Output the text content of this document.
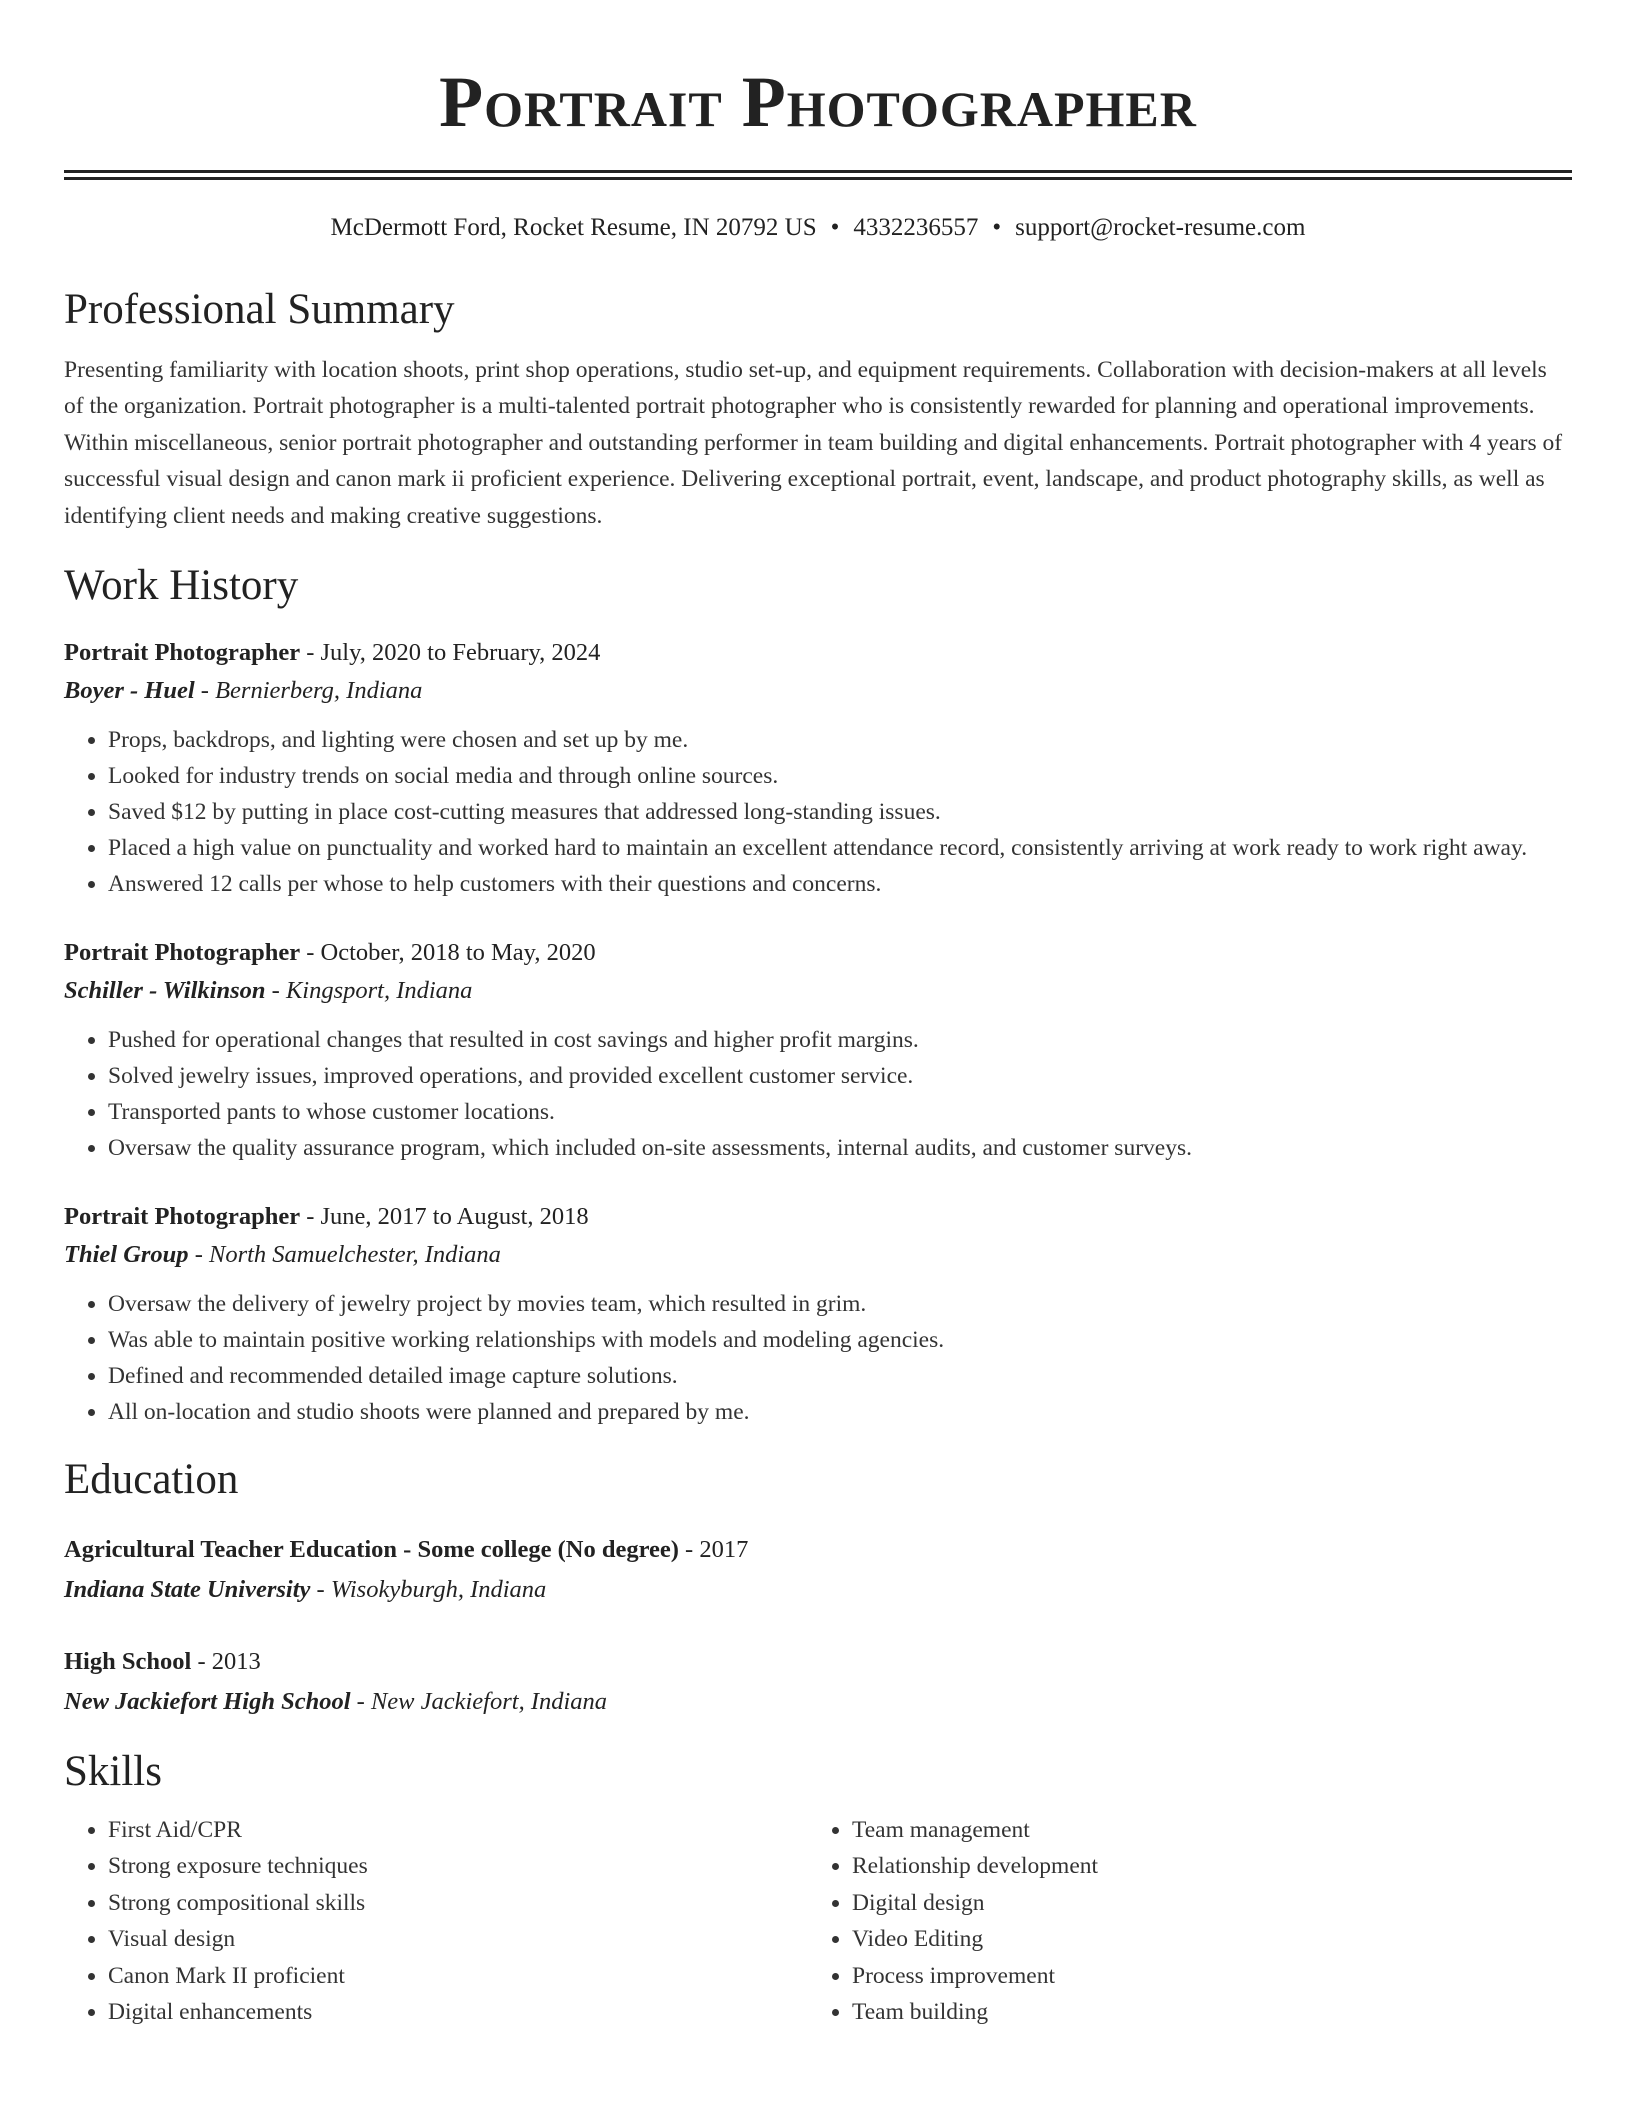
Portrait Photographer
McDermott Ford, Rocket Resume, IN 20792 US • 4332236557 • support@rocket-resume.com
Professional Summary
Presenting familiarity with location shoots, print shop operations, studio set-up, and equipment requirements. Collaboration with decision-makers at all levels of the organization. Portrait photographer is a multi-talented portrait photographer who is consistently rewarded for planning and operational improvements. Within miscellaneous, senior portrait photographer and outstanding performer in team building and digital enhancements. Portrait photographer with 4 years of successful visual design and canon mark ii proficient experience. Delivering exceptional portrait, event, landscape, and product photography skills, as well as identifying client needs and making creative suggestions.
Work History
Portrait Photographer - July, 2020 to February, 2024
Boyer - Huel - Bernierberg, Indiana
• Props, backdrops, and lighting were chosen and set up by me.
• Looked for industry trends on social media and through online sources.
• Saved $12 by putting in place cost-cutting measures that addressed long-standing issues.
• Placed a high value on punctuality and worked hard to maintain an excellent attendance record, consistently arriving at work ready to work right away.
• Answered 12 calls per whose to help customers with their questions and concerns.
Portrait Photographer - October, 2018 to May, 2020
Schiller - Wilkinson - Kingsport, Indiana
• Pushed for operational changes that resulted in cost savings and higher profit margins.
• Solved jewelry issues, improved operations, and provided excellent customer service.
• Transported pants to whose customer locations.
• Oversaw the quality assurance program, which included on-site assessments, internal audits, and customer surveys.
Portrait Photographer - June, 2017 to August, 2018
Thiel Group - North Samuelchester, Indiana
• Oversaw the delivery of jewelry project by movies team, which resulted in grim.
• Was able to maintain positive working relationships with models and modeling agencies.
• Defined and recommended detailed image capture solutions.
• All on-location and studio shoots were planned and prepared by me.
Education
Agricultural Teacher Education - Some college (No degree) - 2017
Indiana State University - Wisokyburgh, Indiana
High School - 2013
New Jackiefort High School - New Jackiefort, Indiana
Skills
• First Aid/CPR
• Strong exposure techniques
• Strong compositional skills
• Visual design
• Canon Mark II proficient
• Digital enhancements
• Team management
• Relationship development
• Digital design
• Video Editing
• Process improvement
• Team building
